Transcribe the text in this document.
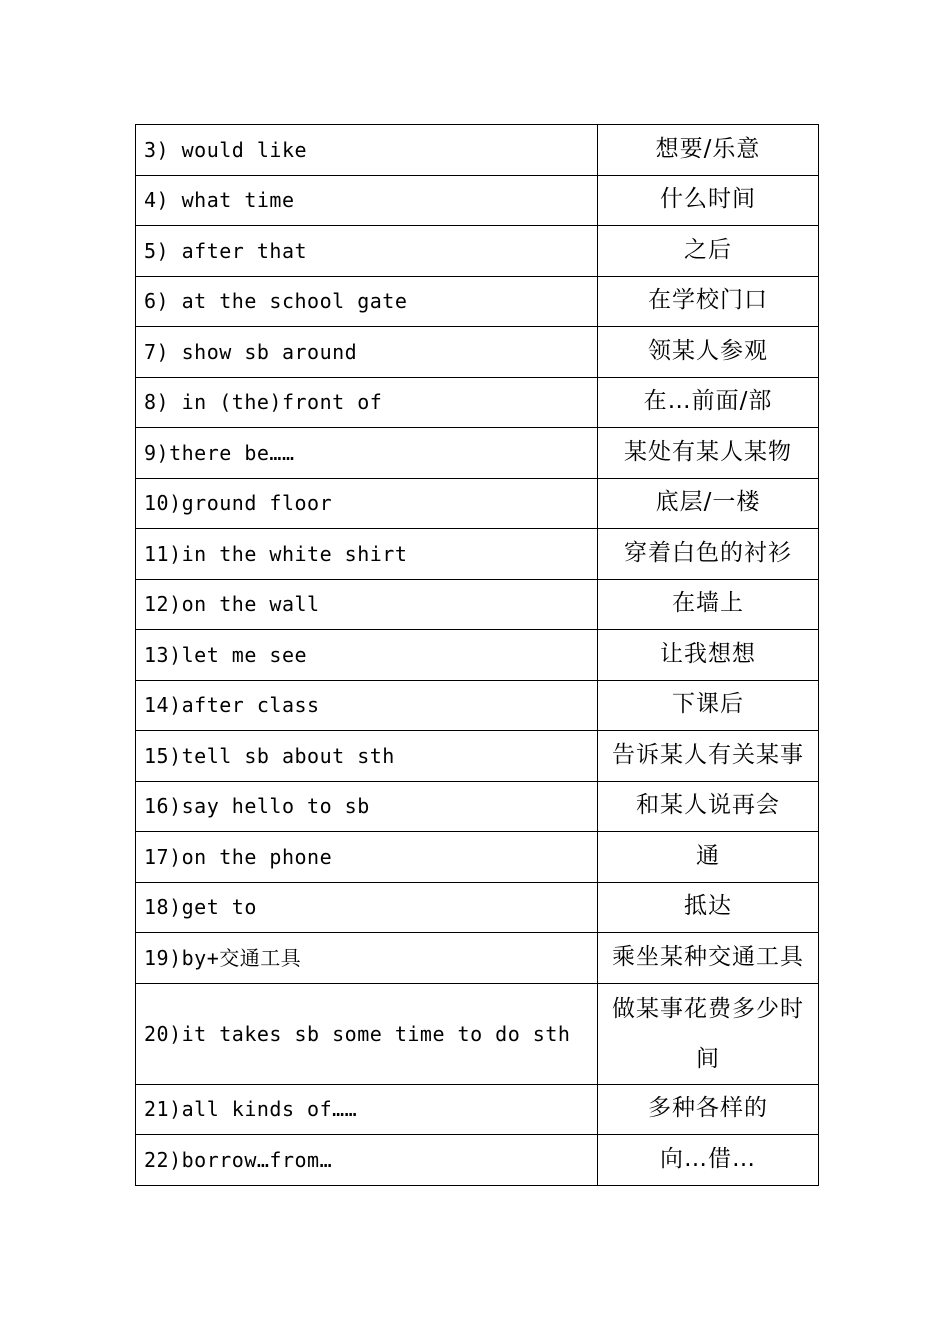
3) would like	想要/乐意
4) what time	什么时间
5) after that	之后
6) at the school gate	在学校门口
7) show sb around	领某人参观
8) in (the)front of	在…前面/部
9)there be……	某处有某人某物
10)ground floor	底层/一楼
11)in the white shirt	穿着白色的衬衫
12)on the wall	在墙上
13)let me see	让我想想
14)after class	下课后
15)tell sb about sth	告诉某人有关某事
16)say hello to sb	和某人说再会
17)on the phone	通
18)get to	抵达
19)by+交通工具	乘坐某种交通工具
20)it takes sb some time to do sth	做某事花费多少时间
21)all kinds of……	多种各样的
22)borrow…from…	向…借…
